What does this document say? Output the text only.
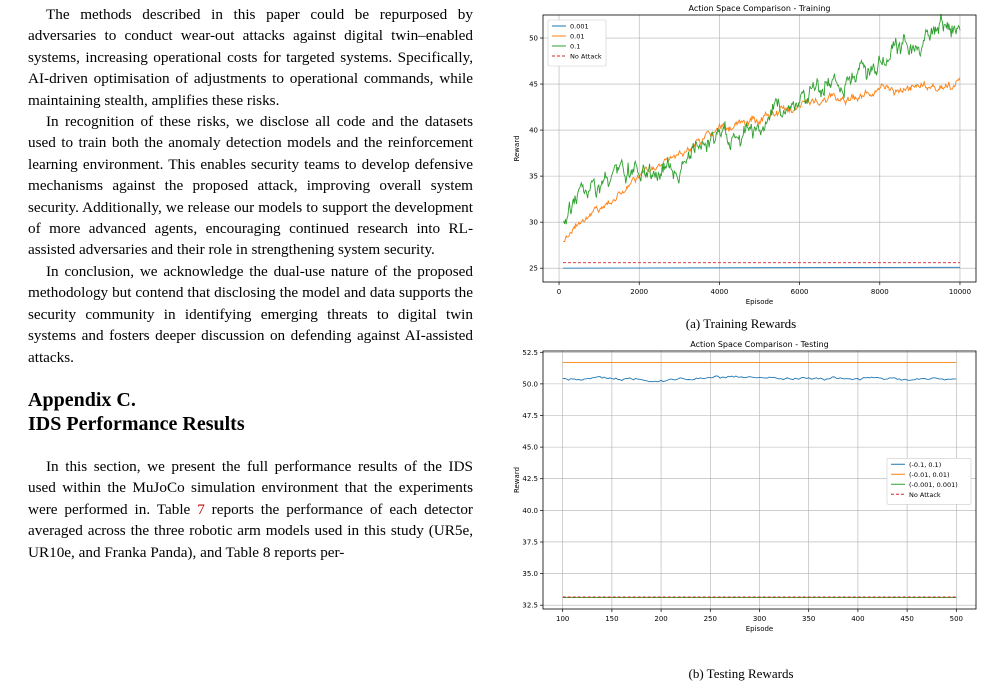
The methods described in this paper could be repurposed by adversaries to conduct wear-out attacks against digital twin–enabled systems, increasing operational costs for targeted systems. Specifically, AI-driven optimisation of adjustments to operational commands, while maintaining stealth, amplifies these risks.

In recognition of these risks, we disclose all code and the datasets used to train both the anomaly detection models and the reinforcement learning environment. This enables security teams to develop defensive mechanisms against the proposed attack, improving overall system security. Additionally, we release our models to support the development of more advanced agents, encouraging continued research into RL-assisted adversaries and their role in strengthening system security.

In conclusion, we acknowledge the dual-use nature of the proposed methodology but contend that disclosing the model and data supports the security community in identifying emerging threats to digital twin systems and fosters deeper discussion on defending against AI-assisted attacks.

Appendix C.
IDS Performance Results

In this section, we present the full performance results of the IDS used within the MuJoCo simulation environment that the experiments were performed in. Table 7 reports the performance of each detector averaged across the three robotic arm models used in this study (UR5e, UR10e, and Franka Panda), and Table 8 reports per-

0	2000	4000	6000	8000	10000
25
30
35
40
45
50
Action Space Comparison - Training
Episode
Reward
0.001
0.01
0.1
No Attack
(a) Training Rewards
100	150	200	250	300	350	400	450	500
32.5
35.0
37.5
40.0
42.5
45.0
47.5
50.0
52.5
Action Space Comparison - Testing
Episode
Reward
(-0.1, 0.1)
(-0.01, 0.01)
(-0.001, 0.001)
No Attack
(b) Testing Rewards
